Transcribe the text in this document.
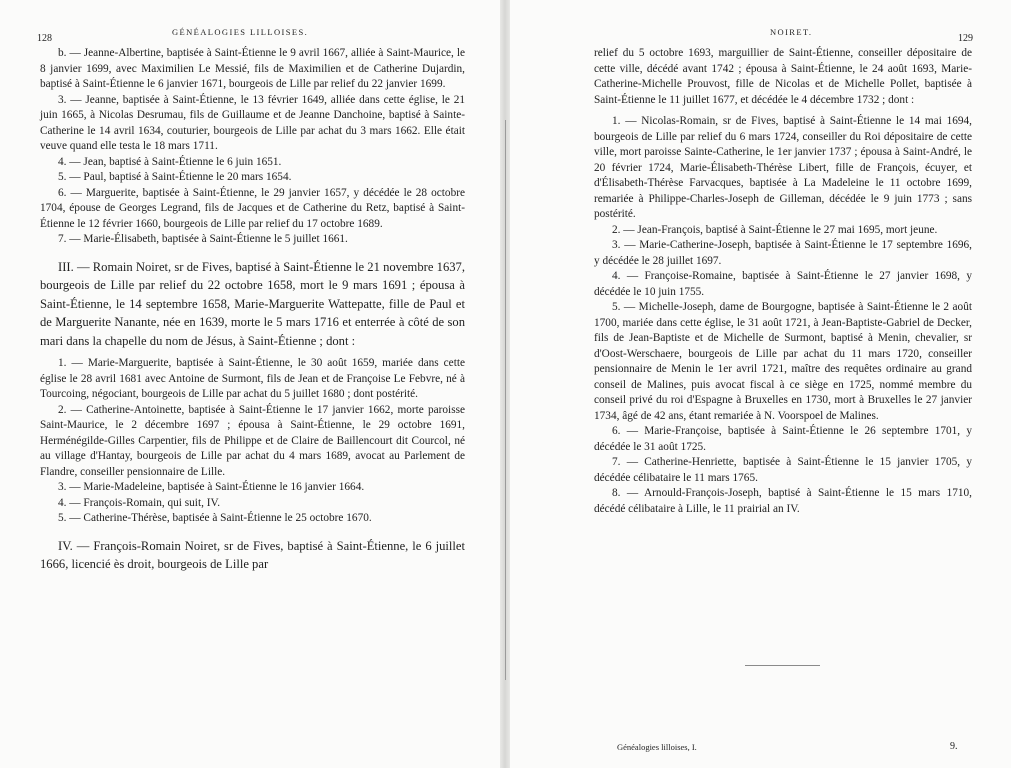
128
GÉNÉALOGIES LILLOISES.

b. — Jeanne-Albertine, baptisée à Saint-Étienne le 9 avril 1667, alliée à Saint-Maurice, le 8 janvier 1699, avec Maximilien Le Messié, fils de Maximilien et de Catherine Dujardin, baptisé à Saint-Étienne le 6 janvier 1671, bourgeois de Lille par relief du 22 janvier 1699.

3. — Jeanne, baptisée à Saint-Étienne, le 13 février 1649, alliée dans cette église, le 21 juin 1665, à Nicolas Desrumau, fils de Guillaume et de Jeanne Danchoine, baptisé à Sainte-Catherine le 14 avril 1634, couturier, bourgeois de Lille par achat du 3 mars 1662. Elle était veuve quand elle testa le 18 mars 1711.

4. — Jean, baptisé à Saint-Étienne le 6 juin 1651.

5. — Paul, baptisé à Saint-Étienne le 20 mars 1654.

6. — Marguerite, baptisée à Saint-Étienne, le 29 janvier 1657, y décédée le 28 octobre 1704, épouse de Georges Legrand, fils de Jacques et de Catherine du Retz, baptisé à Saint-Étienne le 12 février 1660, bourgeois de Lille par relief du 17 octobre 1689.

7. — Marie-Élisabeth, baptisée à Saint-Étienne le 5 juillet 1661.

III. — Romain Noiret, sr de Fives, baptisé à Saint-Étienne le 21 novembre 1637, bourgeois de Lille par relief du 22 octobre 1658, mort le 9 mars 1691 ; épousa à Saint-Étienne, le 14 septembre 1658, Marie-Marguerite Wattepatte, fille de Paul et de Marguerite Nanante, née en 1639, morte le 5 mars 1716 et enterrée à côté de son mari dans la chapelle du nom de Jésus, à Saint-Étienne ; dont :

1. — Marie-Marguerite, baptisée à Saint-Étienne, le 30 août 1659, mariée dans cette église le 28 avril 1681 avec Antoine de Surmont, fils de Jean et de Françoise Le Febvre, né à Tourcoing, négociant, bourgeois de Lille par achat du 5 juillet 1680 ; dont postérité.

2. — Catherine-Antoinette, baptisée à Saint-Étienne le 17 janvier 1662, morte paroisse Saint-Maurice, le 2 décembre 1697 ; épousa à Saint-Étienne, le 29 octobre 1691, Herménégilde-Gilles Carpentier, fils de Philippe et de Claire de Baillencourt dit Courcol, né au village d'Hantay, bourgeois de Lille par achat du 4 mars 1689, avocat au Parlement de Flandre, conseiller pensionnaire de Lille.

3. — Marie-Madeleine, baptisée à Saint-Étienne le 16 janvier 1664.

4. — François-Romain, qui suit, IV.

5. — Catherine-Thérèse, baptisée à Saint-Étienne le 25 octobre 1670.

IV. — François-Romain Noiret, sr de Fives, baptisé à Saint-Étienne, le 6 juillet 1666, licencié ès droit, bourgeois de Lille par

NOIRET.
129

relief du 5 octobre 1693, marguillier de Saint-Étienne, conseiller dépositaire de cette ville, décédé avant 1742 ; épousa à Saint-Étienne, le 24 août 1693, Marie-Catherine-Michelle Prouvost, fille de Nicolas et de Michelle Pollet, baptisée à Saint-Étienne le 11 juillet 1677, et décédée le 4 décembre 1732 ; dont :

1. — Nicolas-Romain, sr de Fives, baptisé à Saint-Étienne le 14 mai 1694, bourgeois de Lille par relief du 6 mars 1724, conseiller du Roi dépositaire de cette ville, mort paroisse Sainte-Catherine, le 1er janvier 1737 ; épousa à Saint-André, le 20 février 1724, Marie-Élisabeth-Thérèse Libert, fille de François, écuyer, et d'Élisabeth-Thérèse Farvacques, baptisée à La Madeleine le 11 octobre 1699, remariée à Philippe-Charles-Joseph de Gilleman, décédée le 9 juin 1773 ; sans postérité.

2. — Jean-François, baptisé à Saint-Étienne le 27 mai 1695, mort jeune.

3. — Marie-Catherine-Joseph, baptisée à Saint-Étienne le 17 septembre 1696, y décédée le 28 juillet 1697.

4. — Françoise-Romaine, baptisée à Saint-Étienne le 27 janvier 1698, y décédée le 10 juin 1755.

5. — Michelle-Joseph, dame de Bourgogne, baptisée à Saint-Étienne le 2 août 1700, mariée dans cette église, le 31 août 1721, à Jean-Baptiste-Gabriel de Decker, fils de Jean-Baptiste et de Michelle de Surmont, baptisé à Menin, chevalier, sr d'Oost-Werschaere, bourgeois de Lille par achat du 11 mars 1720, conseiller pensionnaire de Menin le 1er avril 1721, maître des requêtes ordinaire au grand conseil de Malines, puis avocat fiscal à ce siège en 1725, nommé membre du conseil privé du roi d'Espagne à Bruxelles en 1730, mort à Bruxelles le 27 janvier 1734, âgé de 42 ans, étant remariée à N. Voorspoel de Malines.

6. — Marie-Françoise, baptisée à Saint-Étienne le 26 septembre 1701, y décédée le 31 août 1725.

7. — Catherine-Henriette, baptisée à Saint-Étienne le 15 janvier 1705, y décédée célibataire le 11 mars 1765.

8. — Arnould-François-Joseph, baptisé à Saint-Étienne le 15 mars 1710, décédé célibataire à Lille, le 11 prairial an IV.

Généalogies lilloises, I.	9.
